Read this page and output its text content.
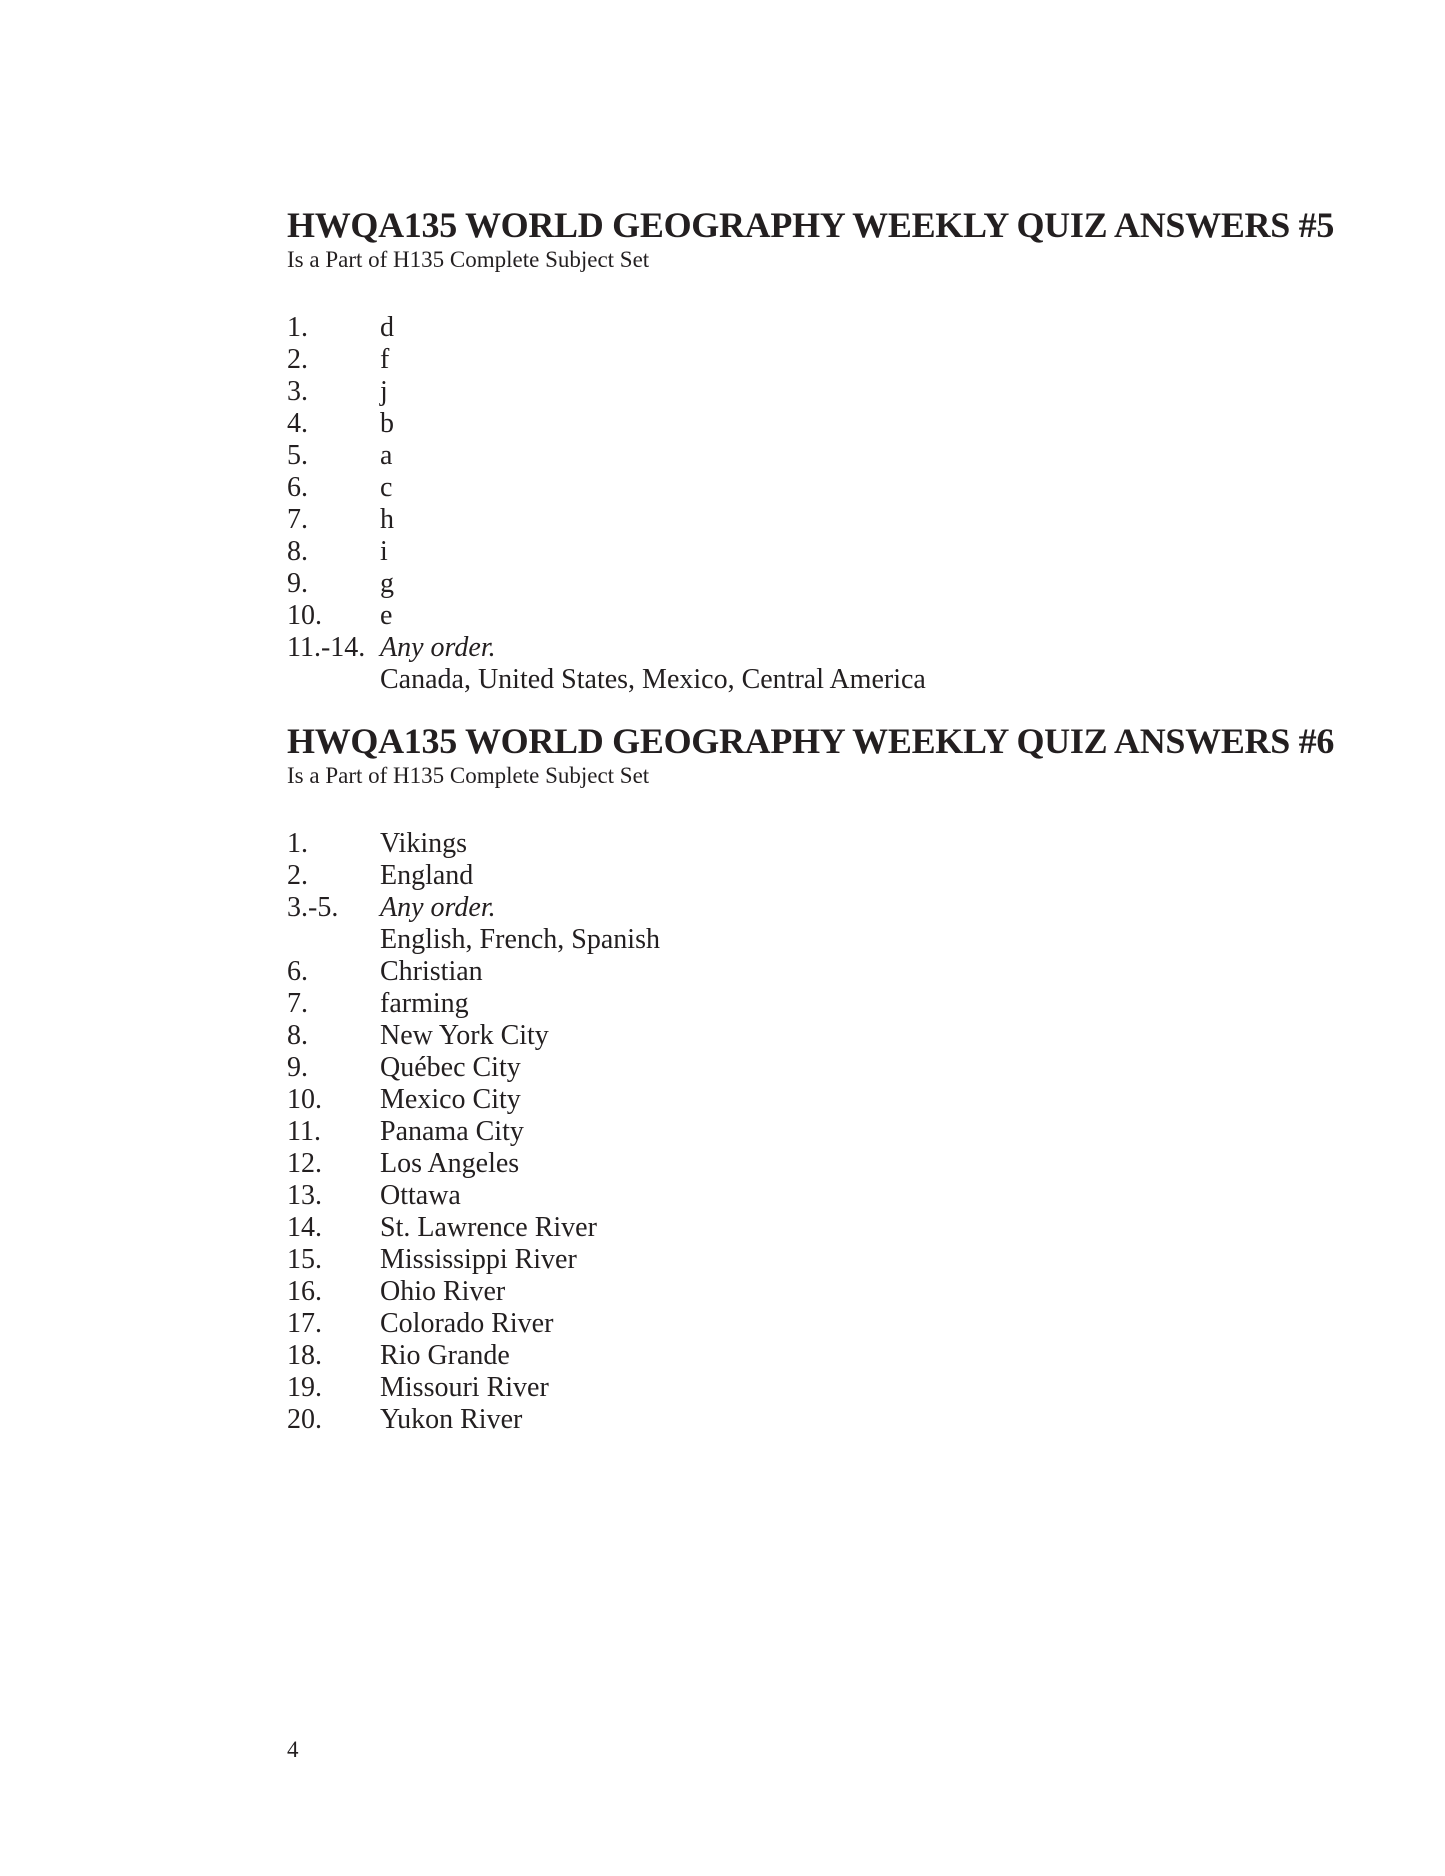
HWQA135 WORLD GEOGRAPHY WEEKLY QUIZ ANSWERS #5

Is a Part of H135 Complete Subject Set

1.	d
2.	f
3.	j
4.	b
5.	a
6.	c
7.	h
8.	i
9.	g
10.	e
11.-14. Any order.
Canada, United States, Mexico, Central America
HWQA135 WORLD GEOGRAPHY WEEKLY QUIZ ANSWERS #6

Is a Part of H135 Complete Subject Set

1.	Vikings
2.	England
3.-5.	Any order.
English, French, Spanish
6.	Christian
7.	farming
8.	New York City
9.	Québec City
10.	Mexico City
11.	Panama City
12.	Los Angeles
13.	Ottawa
14.	St. Lawrence River
15.	Mississippi River
16.	Ohio River
17.	Colorado River
18.	Rio Grande
19.	Missouri River
20.	Yukon River
4
